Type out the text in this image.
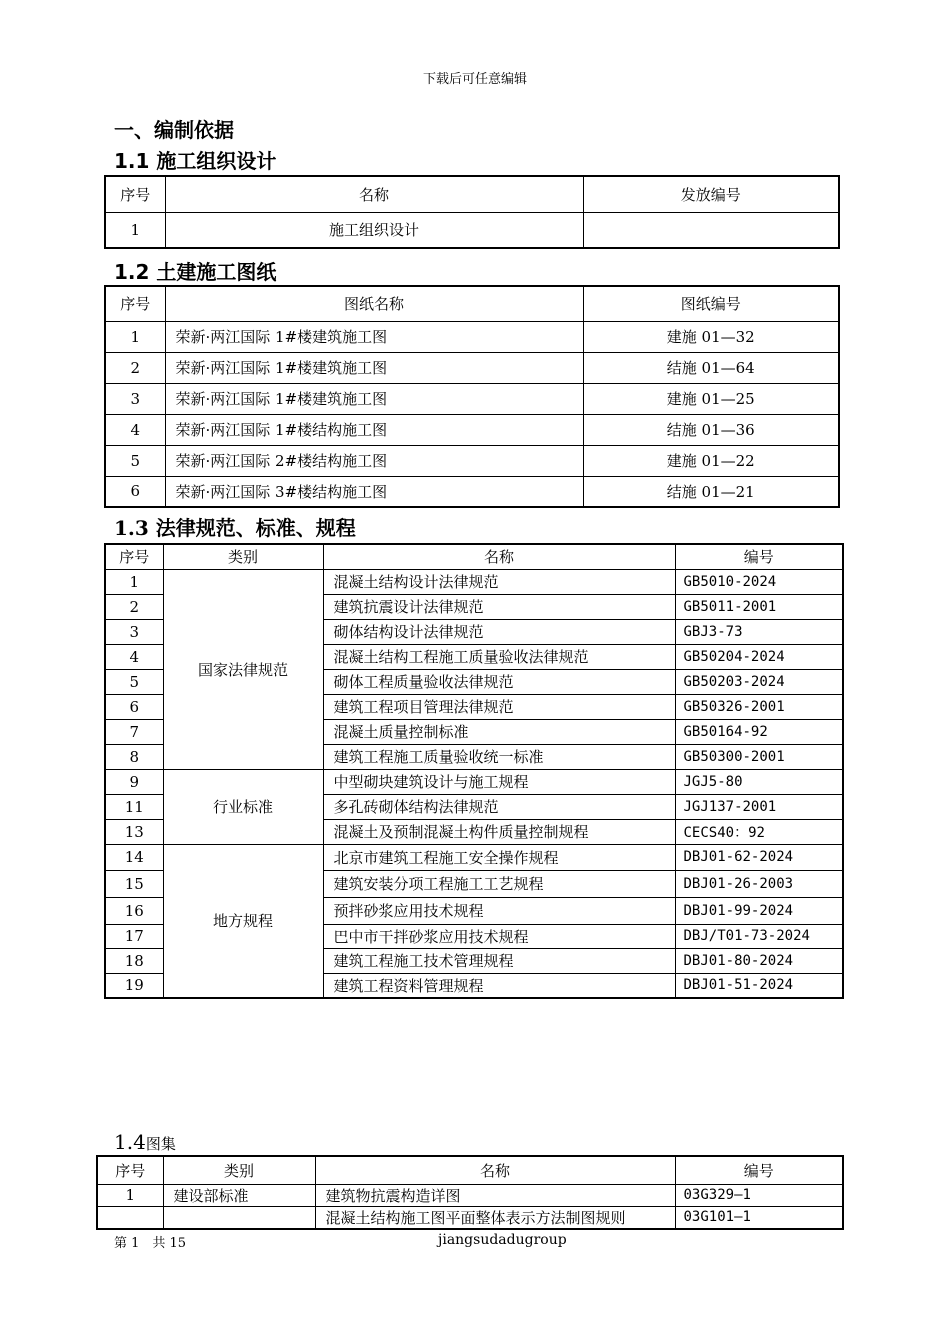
下载后可任意编辑
一、编制依据
1.1 施工组织设计
序号	名称	发放编号
1	施工组织设计	
1.2 土建施工图纸
序号	图纸名称	图纸编号
1	荣新·两江国际 1#楼建筑施工图	建施 01—32
2	荣新·两江国际 1#楼建筑施工图	结施 01—64
3	荣新·两江国际 1#楼建筑施工图	建施 01—25
4	荣新·两江国际 1#楼结构施工图	结施 01—36
5	荣新·两江国际 2#楼结构施工图	建施 01—22
6	荣新·两江国际 3#楼结构施工图	结施 01—21
1.3 法律规范、标准、规程
序号	类别	名称	编号
1	国家法律规范	混凝土结构设计法律规范	GB5010-2024
2		建筑抗震设计法律规范	GB5011-2001
3		砌体结构设计法律规范	GBJ3-73
4		混凝土结构工程施工质量验收法律规范	GB50204-2024
5		砌体工程质量验收法律规范	GB50203-2024
6		建筑工程项目管理法律规范	GB50326-2001
7		混凝土质量控制标准	GB50164-92
8		建筑工程施工质量验收统一标准	GB50300-2001
9	行业标准	中型砌块建筑设计与施工规程	JGJ5-80
11		多孔砖砌体结构法律规范	JGJ137-2001
13		混凝土及预制混凝土构件质量控制规程	CECS40：92
14	地方规程	北京市建筑工程施工安全操作规程	DBJ01-62-2024
15		建筑安装分项工程施工工艺规程	DBJ01-26-2003
16		预拌砂浆应用技术规程	DBJ01-99-2024
17		巴中市干拌砂浆应用技术规程	DBJ/T01-73-2024
18		建筑工程施工技术管理规程	DBJ01-80-2024
19		建筑工程资料管理规程	DBJ01-51-2024
1.4图集
序号	类别	名称	编号
1	建设部标准	建筑物抗震构造详图	03G329—1
		混凝土结构施工图平面整体表示方法制图规则	03G101—1
第 1　共 15	jiangsudadugroup
